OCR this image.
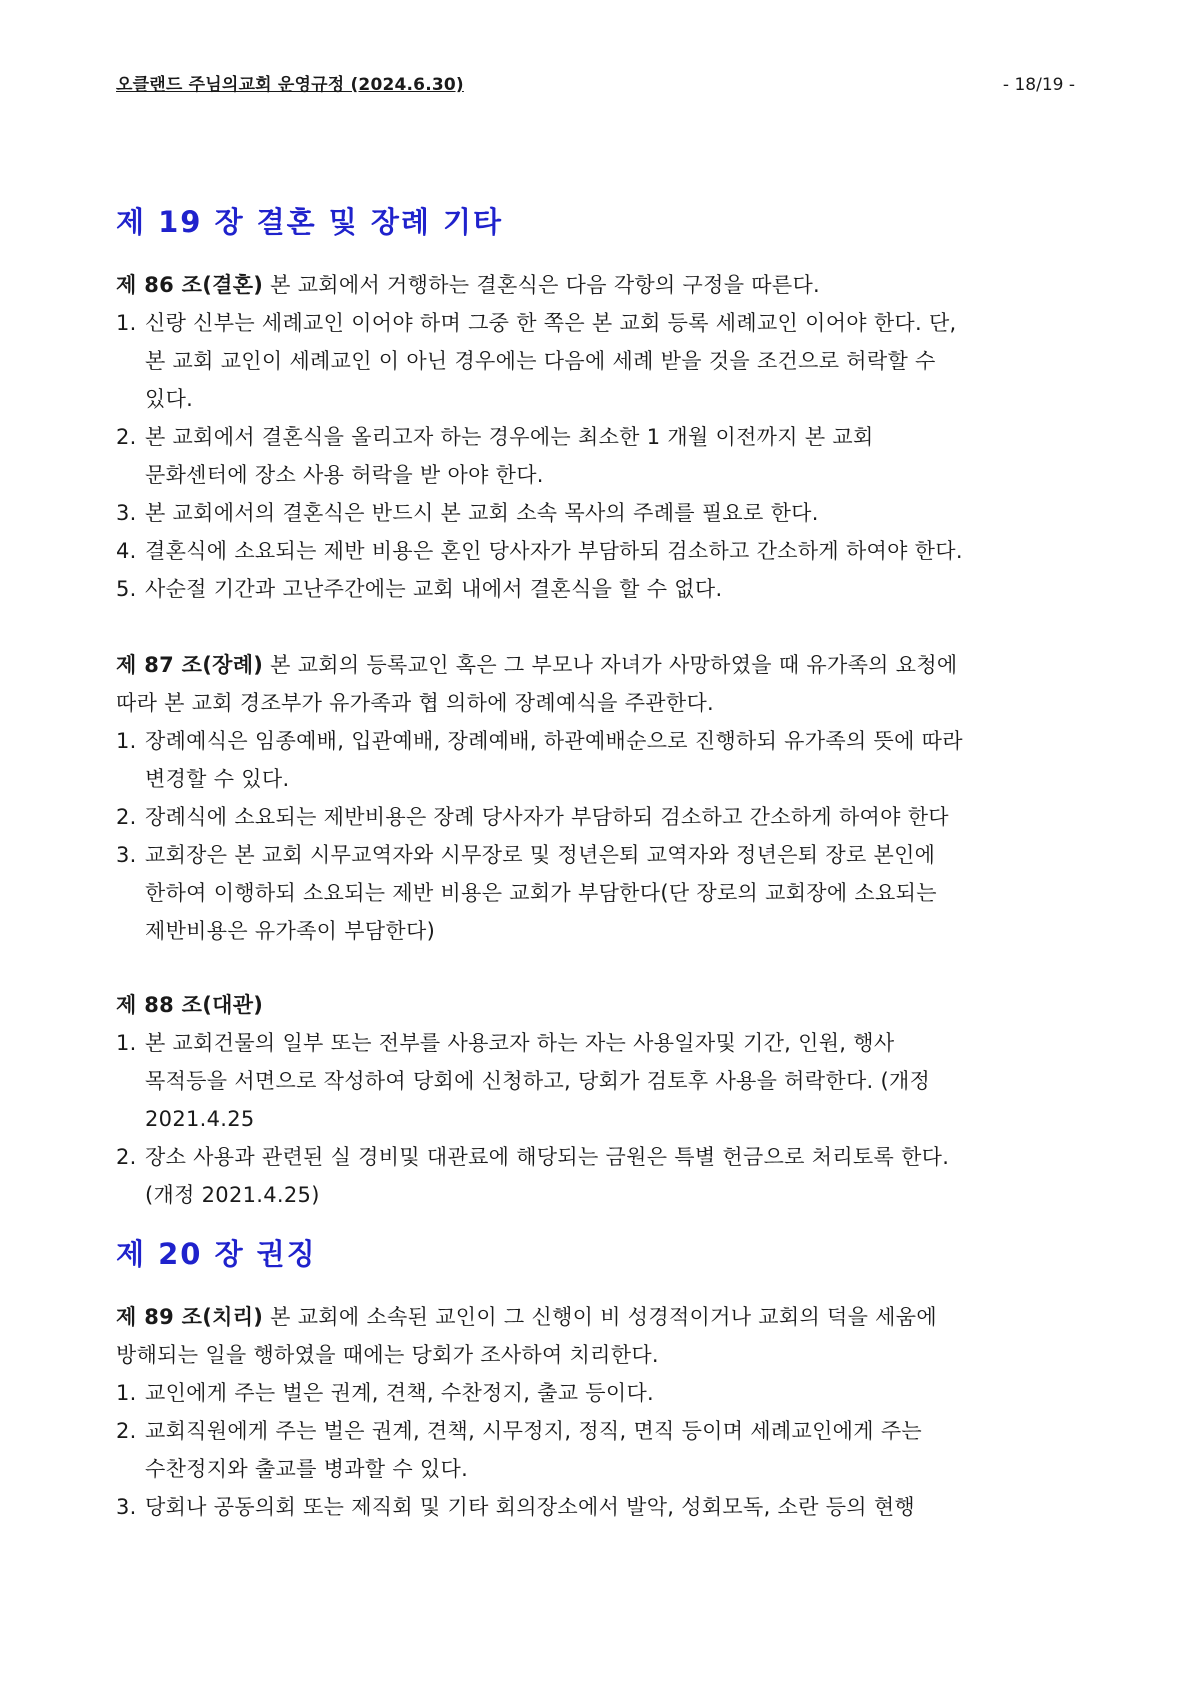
오클랜드 주님의교회 운영규정 (2024.6.30)	- 18/19 -
제 19 장 결혼 및 장례 기타
제 86 조(결혼) 본 교회에서 거행하는 결혼식은 다음 각항의 구정을 따른다.
1. 신랑 신부는 세례교인 이어야 하며 그중 한 쪽은 본 교회 등록 세례교인 이어야 한다. 단,
본 교회 교인이 세례교인 이 아닌 경우에는 다음에 세례 받을 것을 조건으로 허락할 수
있다.
2. 본 교회에서 결혼식을 올리고자 하는 경우에는 최소한 1 개월 이전까지 본 교회
문화센터에 장소 사용 허락을 받 아야 한다.
3. 본 교회에서의 결혼식은 반드시 본 교회 소속 목사의 주례를 필요로 한다.
4. 결혼식에 소요되는 제반 비용은 혼인 당사자가 부담하되 검소하고 간소하게 하여야 한다.
5. 사순절 기간과 고난주간에는 교회 내에서 결혼식을 할 수 없다.
제 87 조(장례) 본 교회의 등록교인 혹은 그 부모나 자녀가 사망하였을 때 유가족의 요청에
따라 본 교회 경조부가 유가족과 협 의하에 장례예식을 주관한다.
1. 장례예식은 임종예배, 입관예배, 장례예배, 하관예배순으로 진행하되 유가족의 뜻에 따라
변경할 수 있다.
2. 장례식에 소요되는 제반비용은 장례 당사자가 부담하되 검소하고 간소하게 하여야 한다
3. 교회장은 본 교회 시무교역자와 시무장로 및 정년은퇴 교역자와 정년은퇴 장로 본인에
한하여 이행하되 소요되는 제반 비용은 교회가 부담한다(단 장로의 교회장에 소요되는
제반비용은 유가족이 부담한다)
제 88 조(대관)
1. 본 교회건물의 일부 또는 전부를 사용코자 하는 자는 사용일자및 기간, 인원, 행사
목적등을 서면으로 작성하여 당회에 신청하고, 당회가 검토후 사용을 허락한다. (개정
2021.4.25
2. 장소 사용과 관련된 실 경비및 대관료에 해당되는 금원은 특별 헌금으로 처리토록 한다.
(개정 2021.4.25)
제 20 장 권징
제 89 조(치리) 본 교회에 소속된 교인이 그 신행이 비 성경적이거나 교회의 덕을 세움에
방해되는 일을 행하였을 때에는 당회가 조사하여 치리한다.
1. 교인에게 주는 벌은 권계, 견책, 수찬정지, 출교 등이다.
2. 교회직원에게 주는 벌은 권계, 견책, 시무정지, 정직, 면직 등이며 세례교인에게 주는
수찬정지와 출교를 병과할 수 있다.
3. 당회나 공동의회 또는 제직회 및 기타 회의장소에서 발악, 성회모독, 소란 등의 현행
